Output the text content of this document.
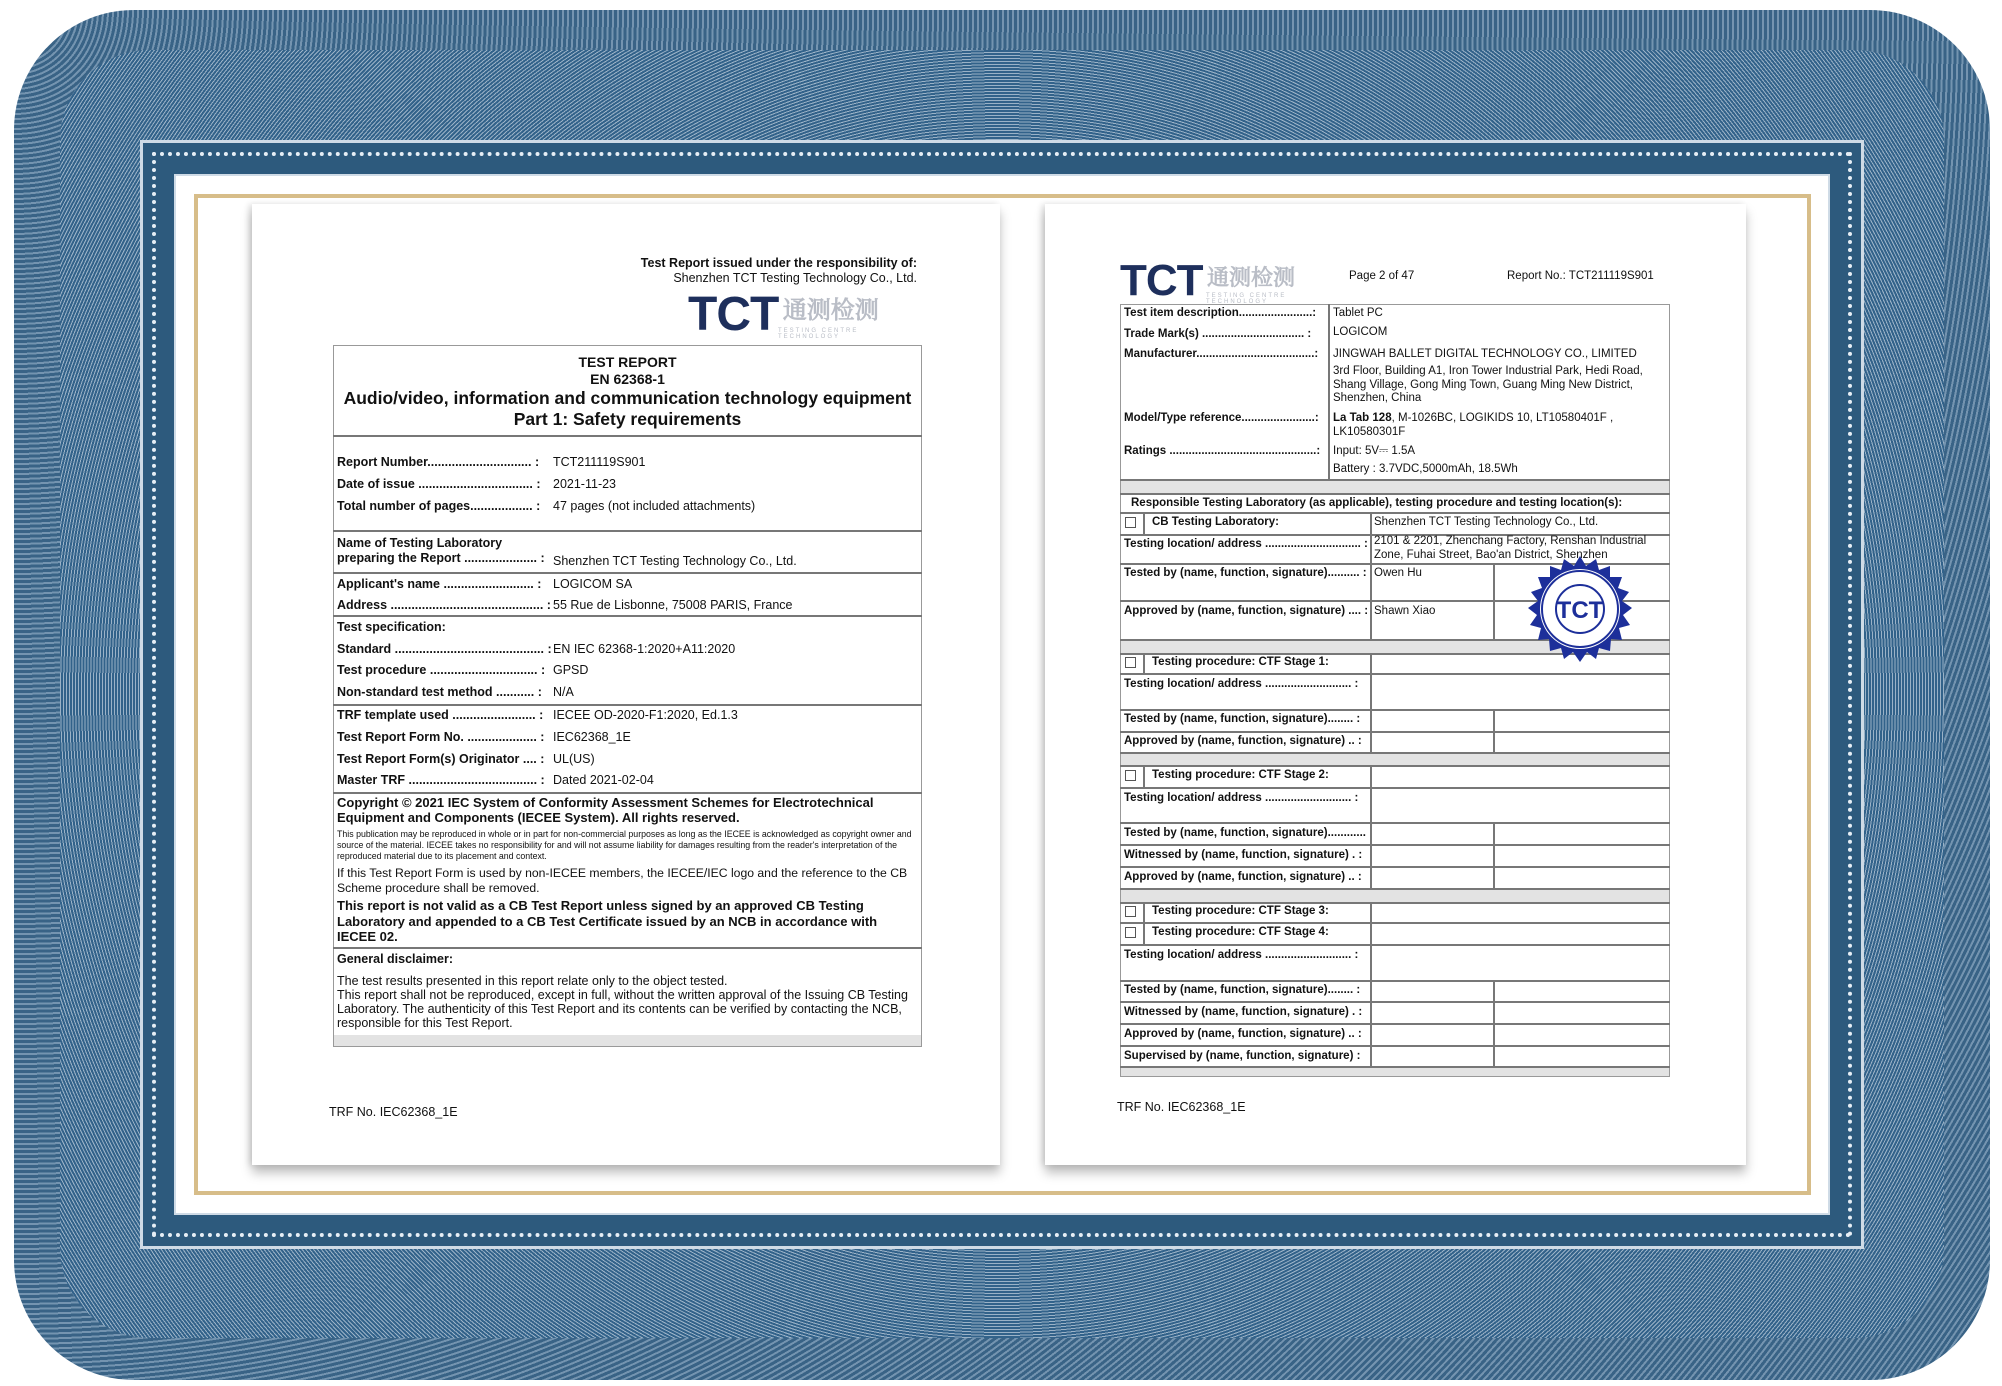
Test Report issued under the responsibility of:
Shenzhen TCT Testing Technology Co., Ltd.
TCT 通测检测
TESTING CENTRE TECHNOLOGY
TEST REPORT
EN 62368-1
Audio/video, information and communication technology equipment
Part 1: Safety requirements
Report Number.............................. : TCT211119S901
Date of issue ................................. : 2021-11-23
Total number of pages.................. : 47 pages (not included attachments)
Name of Testing Laboratory
preparing the Report ..................... : Shenzhen TCT Testing Technology Co., Ltd.
Applicant's name .......................... : LOGICOM SA
Address ............................................ : 55 Rue de Lisbonne, 75008 PARIS, France
Test specification:
Standard ........................................... : EN IEC 62368-1:2020+A11:2020
Test procedure ............................... : GPSD
Non-standard test method ........... : N/A
TRF template used ........................ : IECEE OD-2020-F1:2020, Ed.1.3
Test Report Form No. .................... : IEC62368_1E
Test Report Form(s) Originator .... : UL(US)
Master TRF ..................................... : Dated 2021-02-04
Copyright © 2021 IEC System of Conformity Assessment Schemes for Electrotechnical Equipment and Components (IECEE System). All rights reserved.
This publication may be reproduced in whole or in part for non-commercial purposes as long as the IECEE is acknowledged as copyright owner and source of the material. IECEE takes no responsibility for and will not assume liability for damages resulting from the reader's interpretation of the reproduced material due to its placement and context.
If this Test Report Form is used by non-IECEE members, the IECEE/IEC logo and the reference to the CB Scheme procedure shall be removed.
This report is not valid as a CB Test Report unless signed by an approved CB Testing Laboratory and appended to a CB Test Certificate issued by an NCB in accordance with IECEE 02.
General disclaimer:
The test results presented in this report relate only to the object tested.
This report shall not be reproduced, except in full, without the written approval of the Issuing CB Testing Laboratory. The authenticity of this Test Report and its contents can be verified by contacting the NCB, responsible for this Test Report.
TRF No. IEC62368_1E
TCT 通测检测
TESTING CENTRE TECHNOLOGY
Page 2 of 47	Report No.: TCT211119S901
Test item description.......................: Tablet PC
Trade Mark(s) ................................ : LOGICOM
Manufacturer.....................................: JINGWAH BALLET DIGITAL TECHNOLOGY CO., LIMITED
3rd Floor, Building A1, Iron Tower Industrial Park, Hedi Road, Shang Village, Gong Ming Town, Guang Ming New District, Shenzhen, China
Model/Type reference.......................: La Tab 128, M-1026BC, LOGIKIDS 10, LT10580401F , LK10580301F
Ratings ..............................................: Input: 5V⎓ 1.5A
Battery : 3.7VDC,5000mAh, 18.5Wh
Responsible Testing Laboratory (as applicable), testing procedure and testing location(s):
CB Testing Laboratory:	Shenzhen TCT Testing Technology Co., Ltd.
Testing location/ address .............................. : 2101 & 2201, Zhenchang Factory, Renshan Industrial Zone, Fuhai Street, Bao'an District, Shenzhen
Tested by (name, function, signature).......... : Owen Hu
Approved by (name, function, signature) .... : Shawn Xiao	TCT
Testing procedure: CTF Stage 1:
Testing location/ address ........................... :
Tested by (name, function, signature)........ :
Approved by (name, function, signature) .. :
Testing procedure: CTF Stage 2:
Testing location/ address ........................... :
Tested by (name, function, signature)............
Witnessed by (name, function, signature) . :
Approved by (name, function, signature) .. :
Testing procedure: CTF Stage 3:
Testing procedure: CTF Stage 4:
Testing location/ address ........................... :
Tested by (name, function, signature)........ :
Witnessed by (name, function, signature) . :
Approved by (name, function, signature) .. :
Supervised by (name, function, signature) :
TRF No. IEC62368_1E
